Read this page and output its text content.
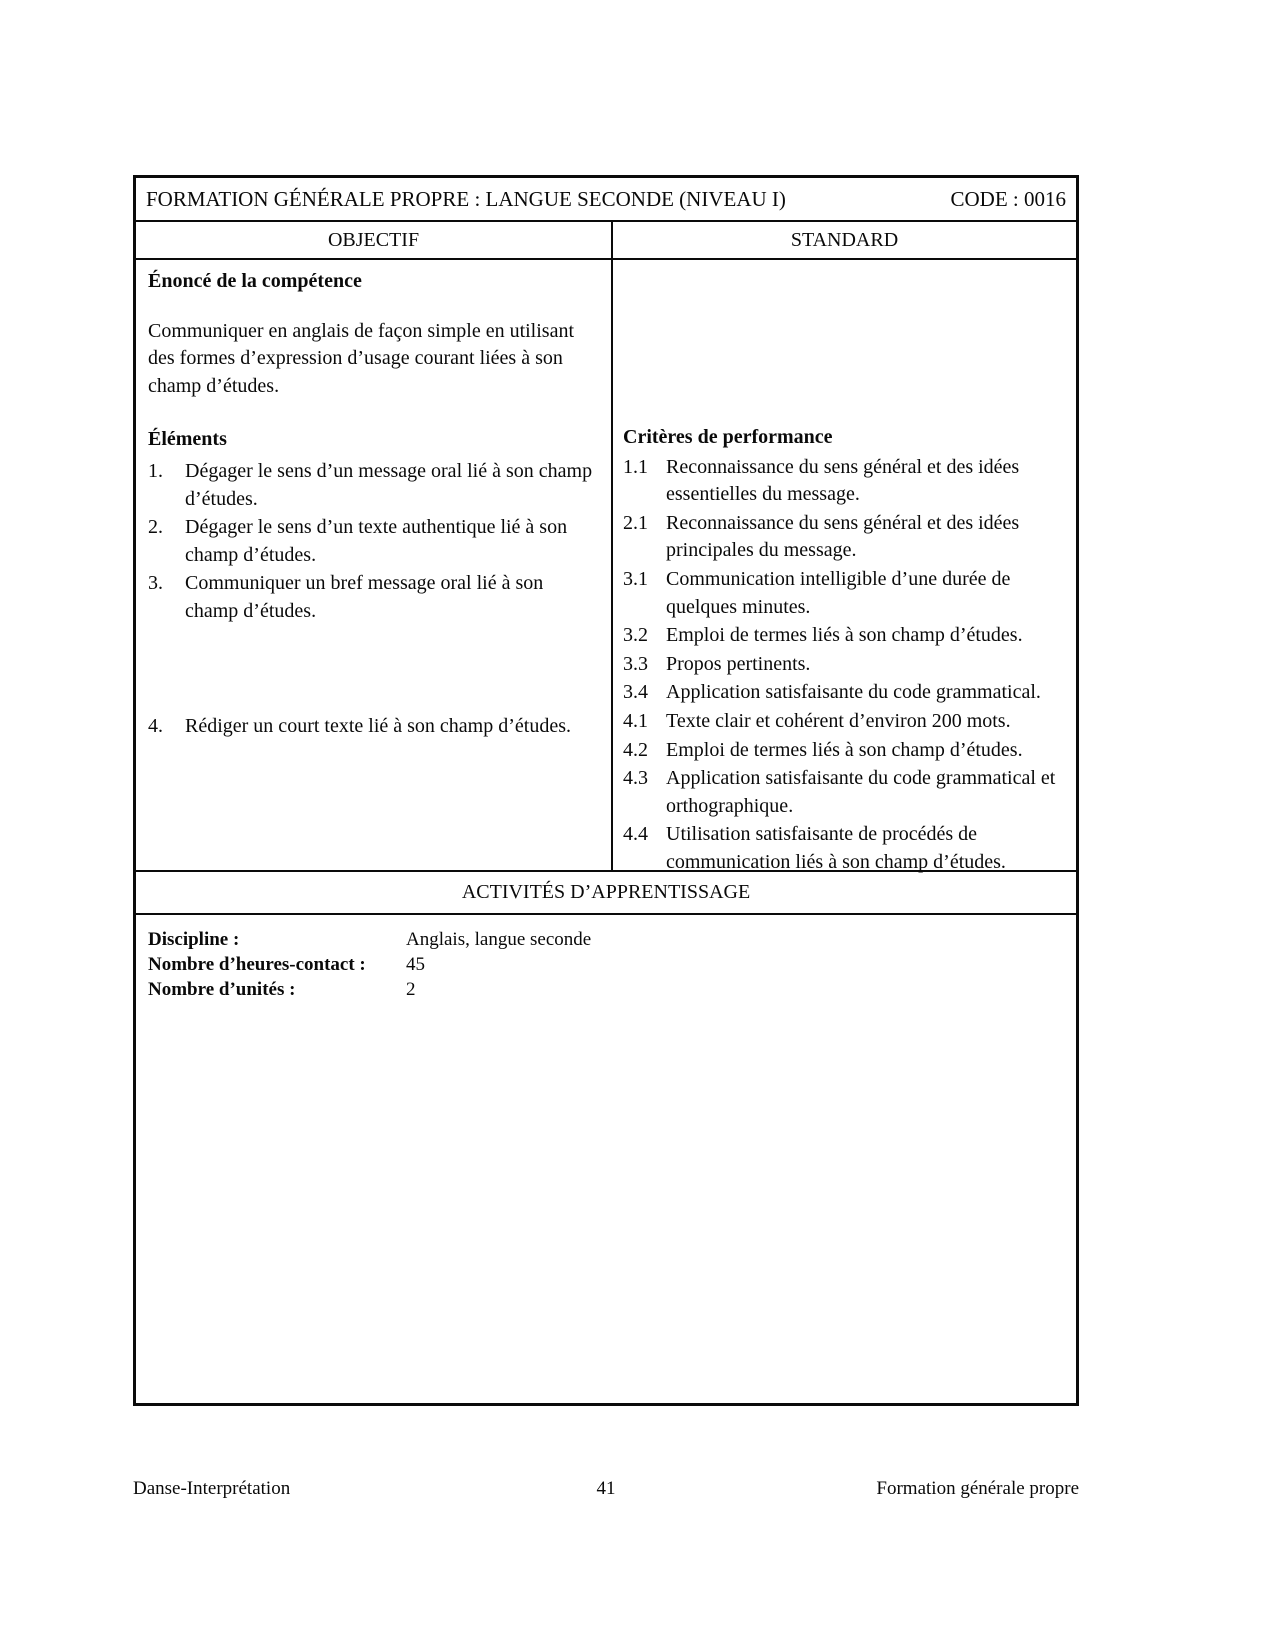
FORMATION GÉNÉRALE PROPRE : LANGUE SECONDE (NIVEAU I)	CODE : 0016
OBJECTIF	STANDARD
Énoncé de la compétence

Communiquer en anglais de façon simple en utilisant des formes d’expression d’usage courant liées à son champ d’études.

Éléments
1.	Dégager le sens d’un message oral lié à son champ d’études.
2.	Dégager le sens d’un texte authentique lié à son champ d’études.
3.	Communiquer un bref message oral lié à son champ d’études.
4.	Rédiger un court texte lié à son champ d’études.
Critères de performance
1.1 Reconnaissance du sens général et des idées essentielles du message.
2.1 Reconnaissance du sens général et des idées principales du message.
3.1 Communication intelligible d’une durée de quelques minutes.
3.2 Emploi de termes liés à son champ d’études.
3.3 Propos pertinents.
3.4 Application satisfaisante du code grammatical.
4.1 Texte clair et cohérent d’environ 200 mots.
4.2 Emploi de termes liés à son champ d’études.
4.3 Application satisfaisante du code grammatical et orthographique.
4.4 Utilisation satisfaisante de procédés de communication liés à son champ d’études.
ACTIVITÉS D’APPRENTISSAGE
Discipline :	Anglais, langue seconde
Nombre d’heures-contact :	45
Nombre d’unités :	2
41
Danse-Interprétation	Formation générale propre
